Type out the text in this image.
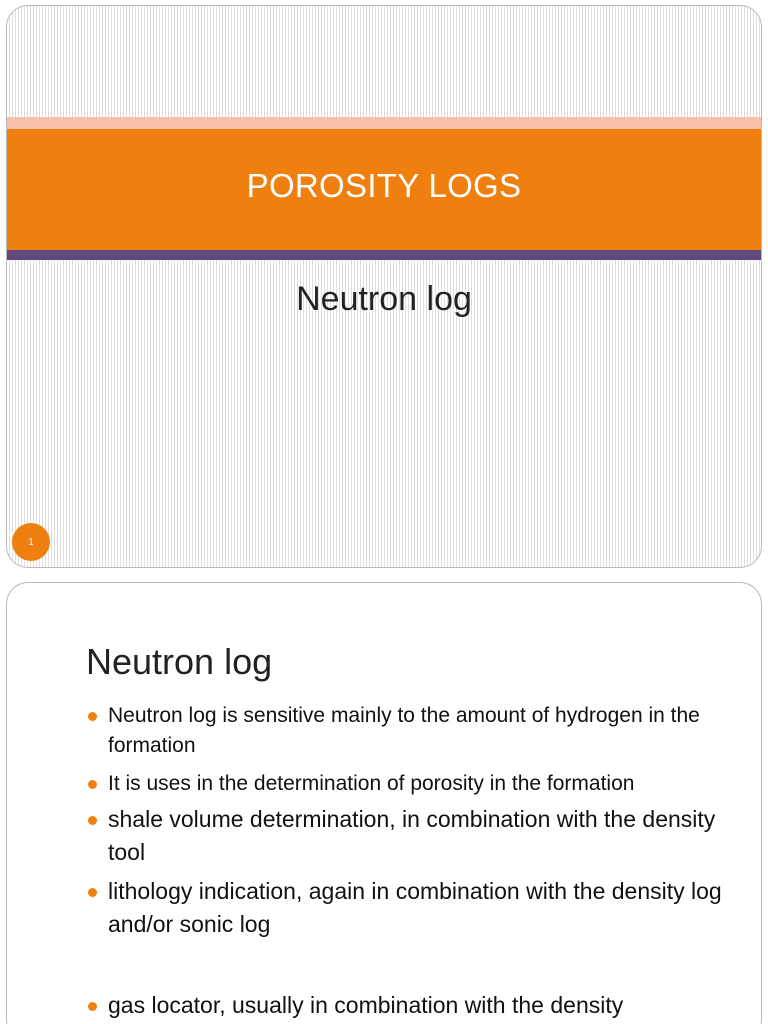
POROSITY LOGS
Neutron log
1
Neutron log
Neutron log is sensitive mainly to the amount of hydrogen in the formation
It is uses in the determination of porosity in the formation
shale volume determination, in combination with the density tool
lithology indication, again in combination with the density log and/or sonic log
gas locator, usually in combination with the density
